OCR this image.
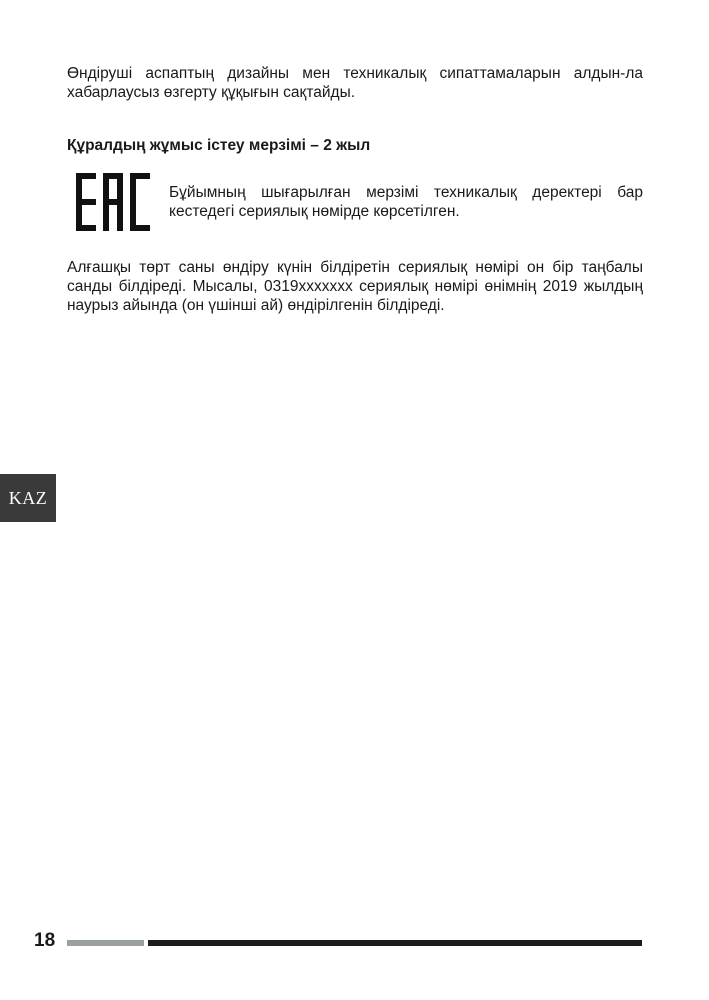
Өндіруші аспаптың дизайны мен техникалық сипаттамаларын алдын-ла хабарлаусыз өзгерту құқығын сақтайды.

Құралдың жұмыс істеу мерзімі – 2 жыл

Бұйымның шығарылған мерзімі техникалық деректері бар кестедегі сериялық нөмірде көрсетілген.

Алғашқы төрт саны өндіру күнін білдіретін сериялық нөмірі он бір таңбалы санды білдіреді. Мысалы, 0319xxxxxxx сериялық нөмірі өнімнің 2019 жылдың наурыз айында (он үшінші ай) өндірілгенін білдіреді.

KAZ
18
